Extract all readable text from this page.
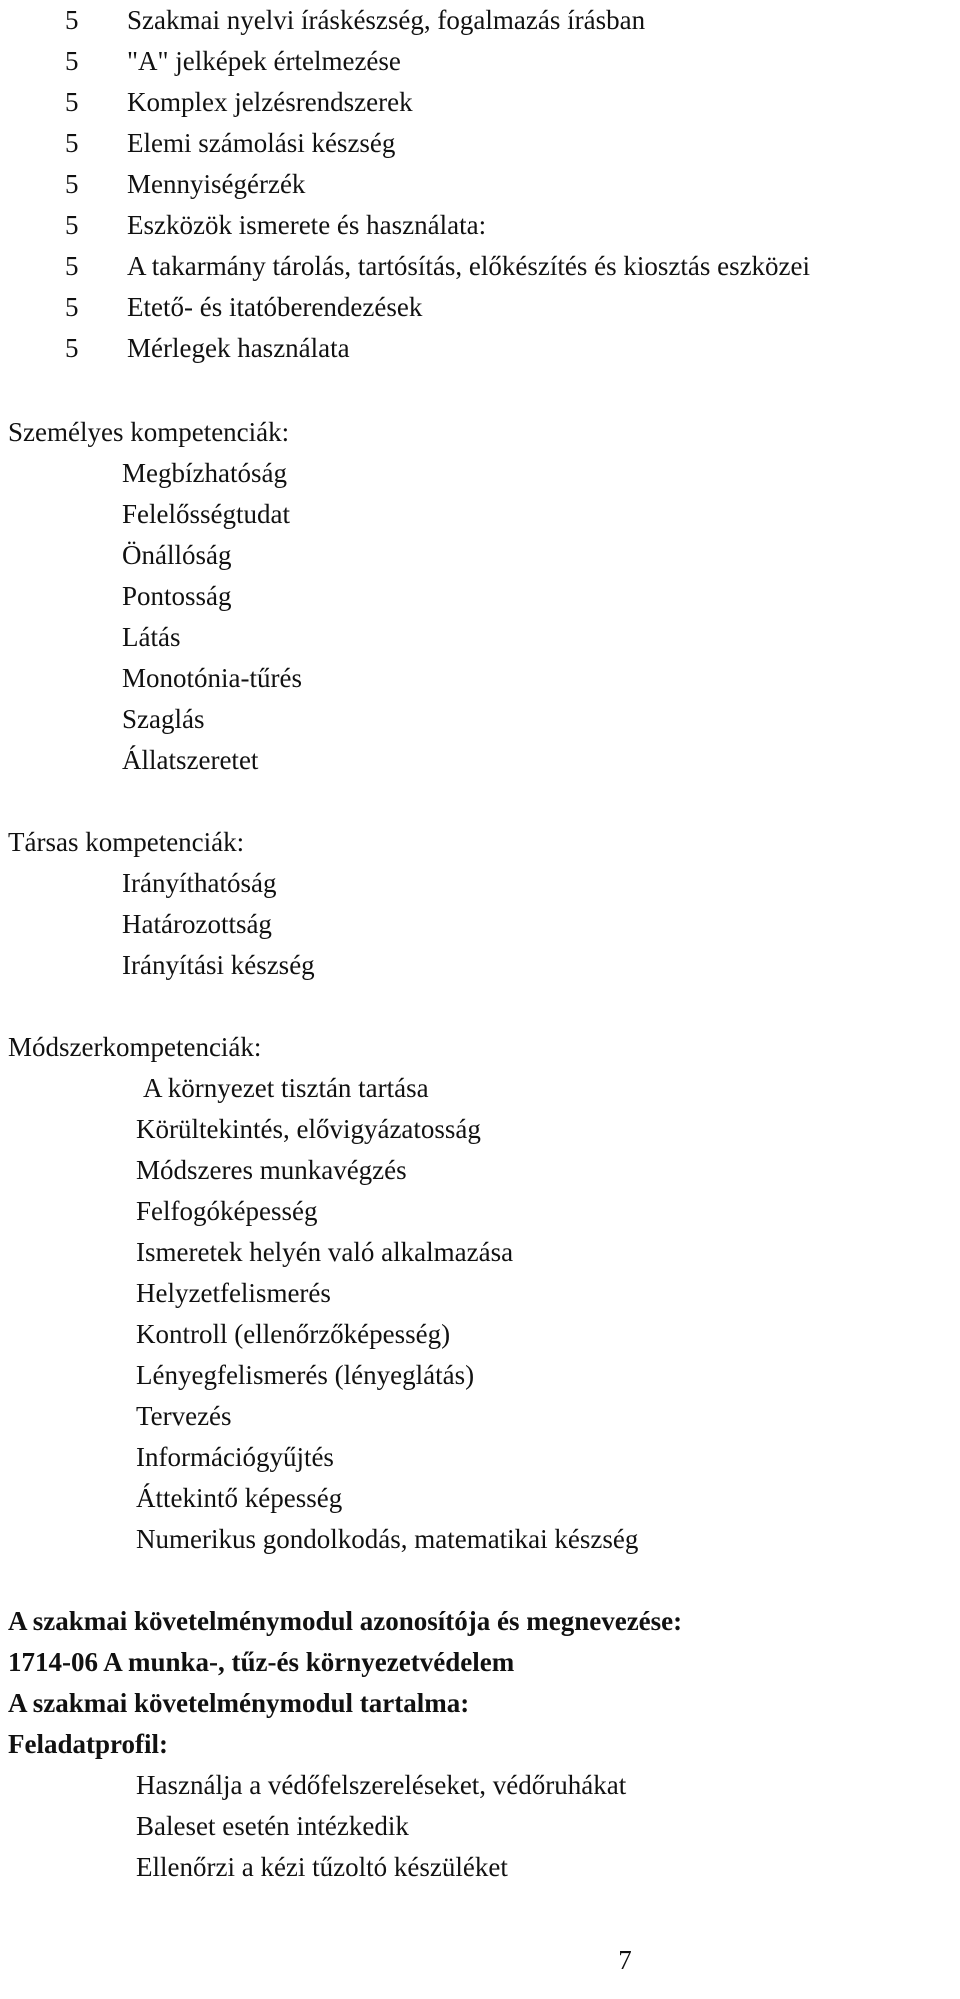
5	Szakmai nyelvi íráskészség, fogalmazás írásban
5	"A" jelképek értelmezése
5	Komplex jelzésrendszerek
5	Elemi számolási készség
5	Mennyiségérzék
5	Eszközök ismerete és használata:
5	A takarmány tárolás, tartósítás, előkészítés és kiosztás eszközei
5	Etető- és itatóberendezések
5	Mérlegek használata
Személyes kompetenciák:
Megbízhatóság
Felelősségtudat
Önállóság
Pontosság
Látás
Monotónia-tűrés
Szaglás
Állatszeretet
Társas kompetenciák:
Irányíthatóság
Határozottság
Irányítási készség
Módszerkompetenciák:
A környezet tisztán tartása
Körültekintés, elővigyázatosság
Módszeres munkavégzés
Felfogóképesség
Ismeretek helyén való alkalmazása
Helyzetfelismerés
Kontroll (ellenőrzőképesség)
Lényegfelismerés (lényeglátás)
Tervezés
Információgyűjtés
Áttekintő képesség
Numerikus gondolkodás, matematikai készség
A szakmai követelménymodul azonosítója és megnevezése:
1714-06 A munka-, tűz-és környezetvédelem
A szakmai követelménymodul tartalma:
Feladatprofil:
Használja a védőfelszereléseket, védőruhákat
Baleset esetén intézkedik
Ellenőrzi a kézi tűzoltó készüléket
7
